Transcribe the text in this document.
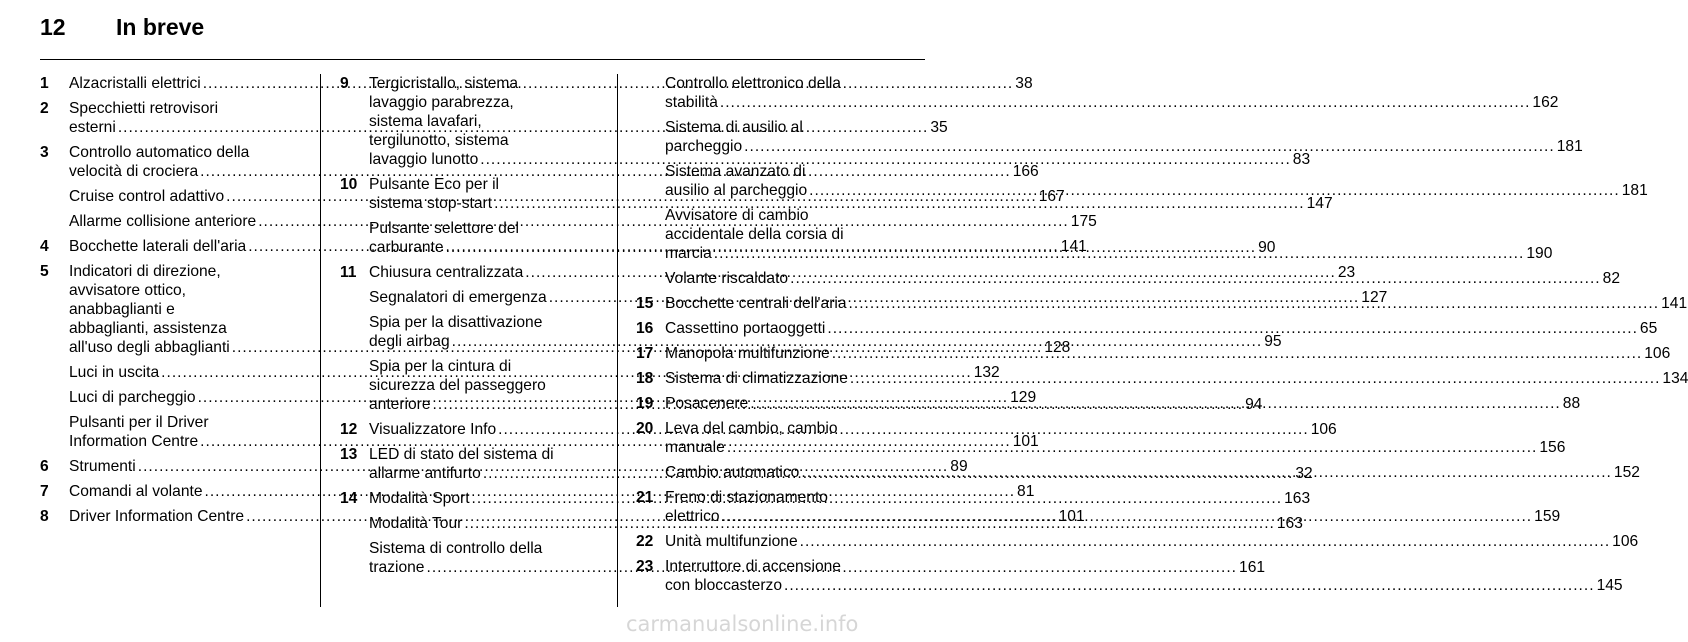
12	In breve
1	Alzacristalli elettrici .....	38
2	Specchietti retrovisori
esterni .....	35
3	Controllo automatico della
velocità di crociera .....	166
Cruise control adattivo .....	167
Allarme collisione anteriore .....	175
4	Bocchette laterali dell'aria .....	141
5	Indicatori di direzione,
avvisatore ottico,
anabbaglianti e
abbaglianti, assistenza
all'uso degli abbaglianti .....	128
Luci in uscita .....	132
Luci di parcheggio .....	129
Pulsanti per il Driver
Information Centre .....	101
6	Strumenti .....	89
7	Comandi al volante .....	81
8	Driver Information Centre .....	101
9	Tergicristallo, sistema
lavaggio parabrezza,
sistema lavafari,
tergilunotto, sistema
lavaggio lunotto .....	83
10 Pulsante Eco per il
sistema stop-start .....	147
Pulsante selettore del
carburante .....	90
11 Chiusura centralizzata .....	23
Segnalatori di emergenza .....	127
Spia per la disattivazione
degli airbag .....	95
Spia per la cintura di
sicurezza del passeggero
anteriore .....	94
12 Visualizzatore Info .....	106
13 LED di stato del sistema di
allarme antifurto .....	32
14 Modalità Sport .....	163
Modalità Tour .....	163
Sistema di controllo della
trazione .....	161
Controllo elettronico della
stabilità .....	162
Sistema di ausilio al
parcheggio .....	181
Sistema avanzato di
ausilio al parcheggio .....	181
Avvisatore di cambio
accidentale della corsia di
marcia .....	190
Volante riscaldato .....	82
15 Bocchette centrali dell'aria .....	141
16 Cassettino portaoggetti .....	65
17 Manopola multifunzione .....	106
18 Sistema di climatizzazione .....	134
19 Posacenere .....	88
20 Leva del cambio, cambio
manuale .....	156
Cambio automatico .....	152
21 Freno di stazionamento
elettrico .....	159
22 Unità multifunzione .....	106
23 Interruttore di accensione
con bloccasterzo .....	145
carmanualsonline.info
